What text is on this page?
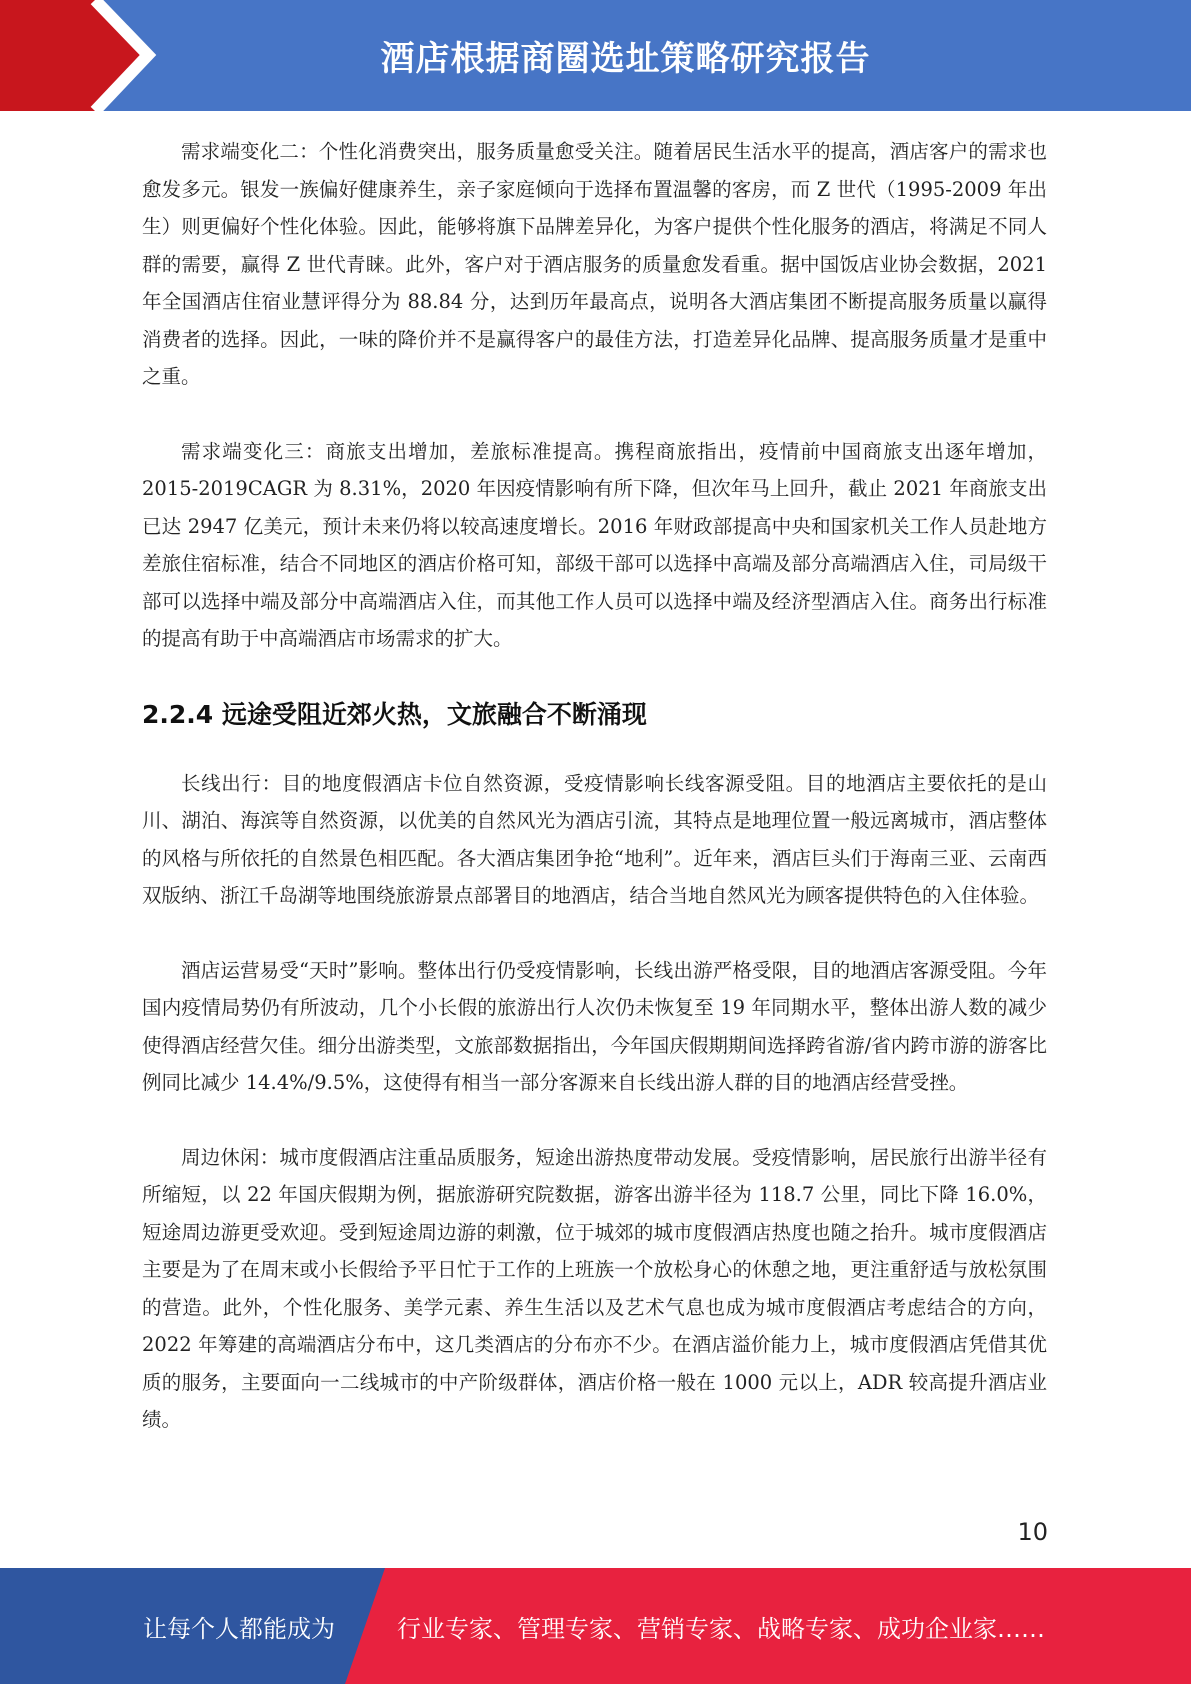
酒店根据商圈选址策略研究报告

需求端变化二：个性化消费突出，服务质量愈受关注。随着居民生活水平的提高，酒店客户的需求也愈发多元。银发一族偏好健康养生，亲子家庭倾向于选择布置温馨的客房，而 Z 世代（1995-2009 年出生）则更偏好个性化体验。因此，能够将旗下品牌差异化，为客户提供个性化服务的酒店，将满足不同人群的需要，赢得 Z 世代青睐。此外，客户对于酒店服务的质量愈发看重。据中国饭店业协会数据，2021 年全国酒店住宿业慧评得分为 88.84 分，达到历年最高点，说明各大酒店集团不断提高服务质量以赢得消费者的选择。因此，一味的降价并不是赢得客户的最佳方法，打造差异化品牌、提高服务质量才是重中之重。

需求端变化三：商旅支出增加，差旅标准提高。携程商旅指出，疫情前中国商旅支出逐年增加，2015-2019CAGR 为 8.31%，2020 年因疫情影响有所下降，但次年马上回升，截止 2021 年商旅支出已达 2947 亿美元，预计未来仍将以较高速度增长。2016 年财政部提高中央和国家机关工作人员赴地方差旅住宿标准，结合不同地区的酒店价格可知，部级干部可以选择中高端及部分高端酒店入住，司局级干部可以选择中端及部分中高端酒店入住，而其他工作人员可以选择中端及经济型酒店入住。商务出行标准的提高有助于中高端酒店市场需求的扩大。

2.2.4 远途受阻近郊火热，文旅融合不断涌现

长线出行：目的地度假酒店卡位自然资源，受疫情影响长线客源受阻。目的地酒店主要依托的是山川、湖泊、海滨等自然资源，以优美的自然风光为酒店引流，其特点是地理位置一般远离城市，酒店整体的风格与所依托的自然景色相匹配。各大酒店集团争抢“地利”。近年来，酒店巨头们于海南三亚、云南西双版纳、浙江千岛湖等地围绕旅游景点部署目的地酒店，结合当地自然风光为顾客提供特色的入住体验。

酒店运营易受“天时”影响。整体出行仍受疫情影响，长线出游严格受限，目的地酒店客源受阻。今年国内疫情局势仍有所波动，几个小长假的旅游出行人次仍未恢复至 19 年同期水平，整体出游人数的减少使得酒店经营欠佳。细分出游类型，文旅部数据指出，今年国庆假期期间选择跨省游/省内跨市游的游客比例同比减少 14.4%/9.5%，这使得有相当一部分客源来自长线出游人群的目的地酒店经营受挫。

周边休闲：城市度假酒店注重品质服务，短途出游热度带动发展。受疫情影响，居民旅行出游半径有所缩短，以 22 年国庆假期为例，据旅游研究院数据，游客出游半径为 118.7 公里，同比下降 16.0%，短途周边游更受欢迎。受到短途周边游的刺激，位于城郊的城市度假酒店热度也随之抬升。城市度假酒店主要是为了在周末或小长假给予平日忙于工作的上班族一个放松身心的休憩之地，更注重舒适与放松氛围的营造。此外，个性化服务、美学元素、养生生活以及艺术气息也成为城市度假酒店考虑结合的方向，2022 年筹建的高端酒店分布中，这几类酒店的分布亦不少。在酒店溢价能力上，城市度假酒店凭借其优质的服务，主要面向一二线城市的中产阶级群体，酒店价格一般在 1000 元以上，ADR 较高提升酒店业绩。

10
让每个人都能成为	行业专家、管理专家、营销专家、战略专家、成功企业家……
